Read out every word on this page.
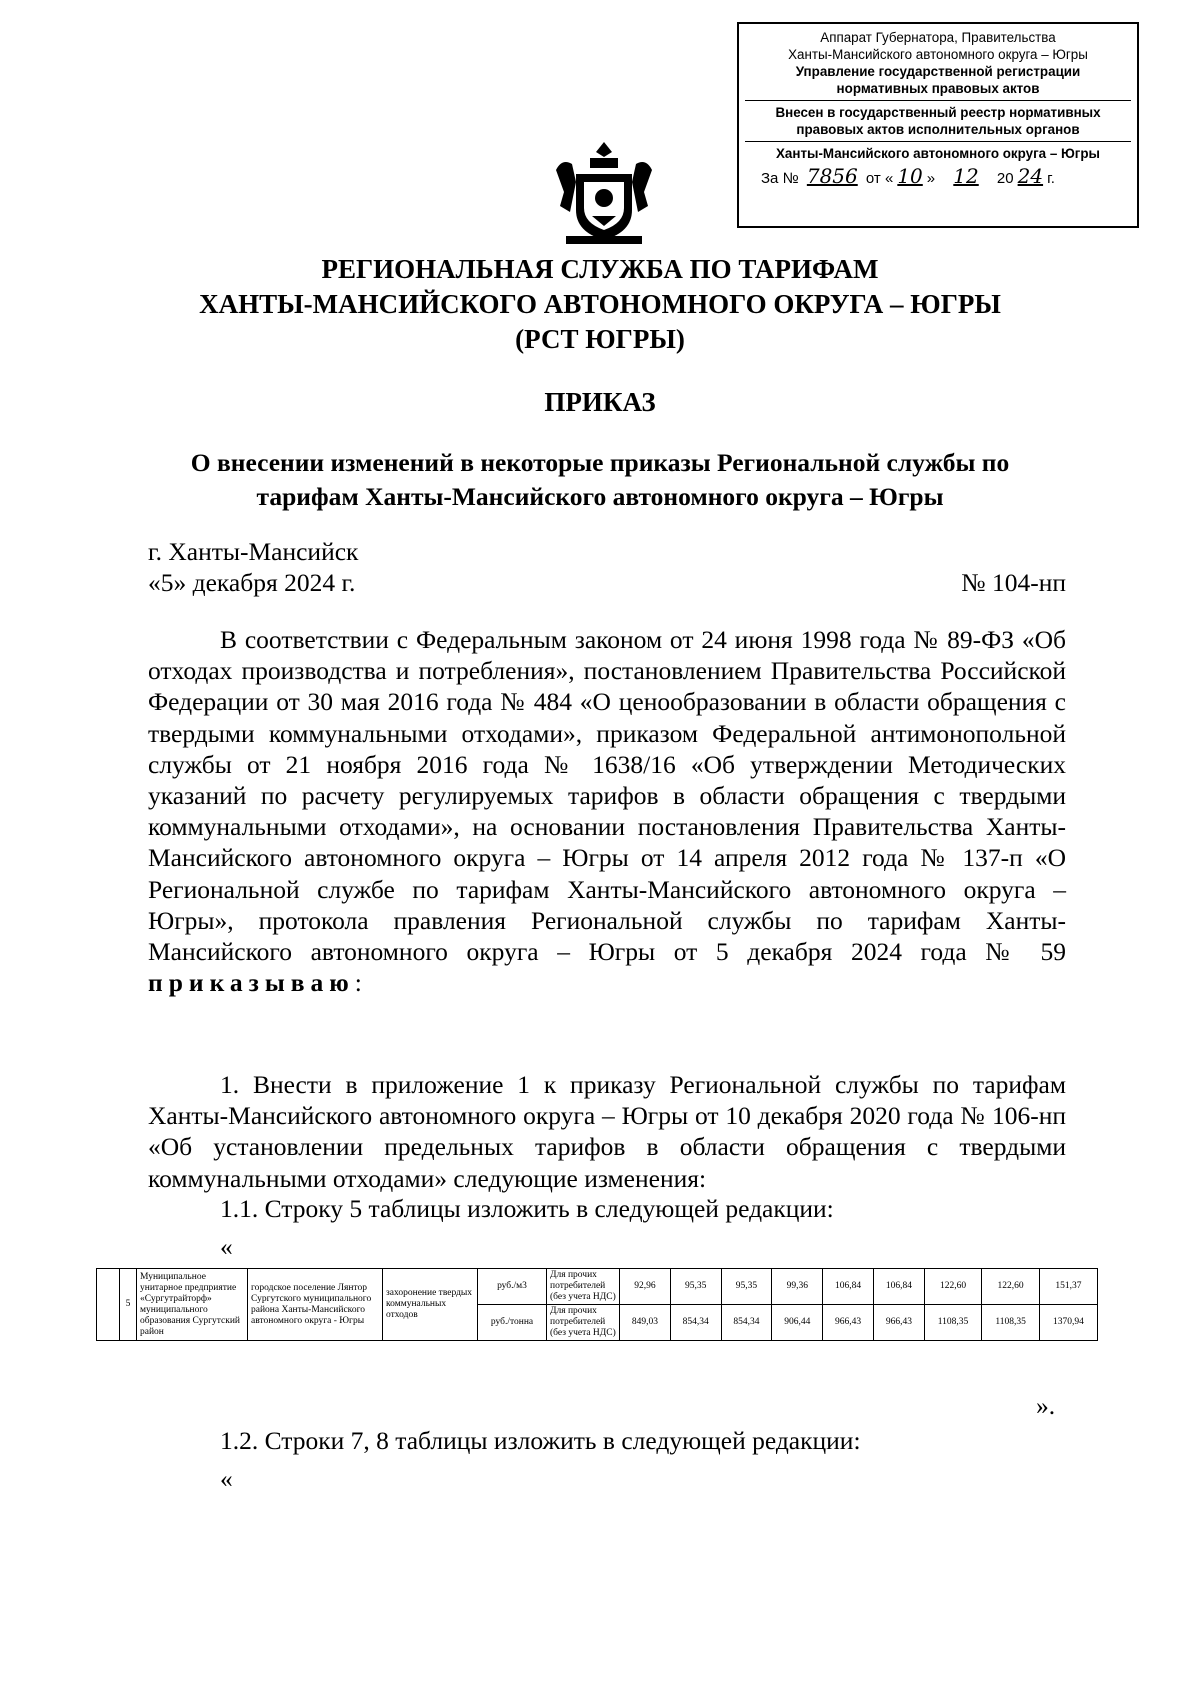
Аппарат Губернатора, Правительства
Ханты-Мансийского автономного округа – Югры
Управление государственной регистрации
нормативных правовых актов
Внесен в государственный реестр нормативных
правовых актов исполнительных органов
Ханты-Мансийского автономного округа – Югры
За № 7856 от « 10 » 12 20 24 г.
РЕГИОНАЛЬНАЯ СЛУЖБА ПО ТАРИФАМ
ХАНТЫ-МАНСИЙСКОГО АВТОНОМНОГО ОКРУГА – ЮГРЫ
(РСТ ЮГРЫ)
ПРИКАЗ
О внесении изменений в некоторые приказы Региональной службы по
тарифам Ханты-Мансийского автономного округа – Югры
г. Ханты-Мансийск
«5» декабря 2024 г.	№ 104-нп
В соответствии с Федеральным законом от 24 июня 1998 года № 89-ФЗ «Об отходах производства и потребления», постановлением Правительства Российской Федерации от 30 мая 2016 года № 484 «О ценообразовании в области обращения с твердыми коммунальными отходами», приказом Федеральной антимонопольной службы от 21 ноября 2016 года № 1638/16 «Об утверждении Методических указаний по расчету регулируемых тарифов в области обращения с твердыми коммунальными отходами», на основании постановления Правительства Ханты-Мансийского автономного округа – Югры от 14 апреля 2012 года № 137-п «О Региональной службе по тарифам Ханты-Мансийского автономного округа – Югры», протокола правления Региональной службы по тарифам Ханты-Мансийского автономного округа – Югры от 5 декабря 2024 года № 59 приказываю:
1. Внести в приложение 1 к приказу Региональной службы по тарифам Ханты-Мансийского автономного округа – Югры от 10 декабря 2020 года № 106-нп «Об установлении предельных тарифов в области обращения с твердыми коммунальными отходами» следующие изменения:
1.1. Строку 5 таблицы изложить в следующей редакции:
«
	5	Муниципальное унитарное предприятие «Сургутрайторф» муниципального образования Сургутский район	городское поселение Лянтор Сургутского муниципального района Ханты-Мансийского автономного округа - Югры	захоронение твердых коммунальных отходов	руб./м3	Для прочих потребителей (без учета НДС)	92,96	95,35	95,35	99,36	106,84	106,84	122,60	122,60	151,37
					руб./тонна	Для прочих потребителей (без учета НДС)	849,03	854,34	854,34	906,44	966,43	966,43	1108,35	1108,35	1370,94
».
1.2. Строки 7, 8 таблицы изложить в следующей редакции:
«
